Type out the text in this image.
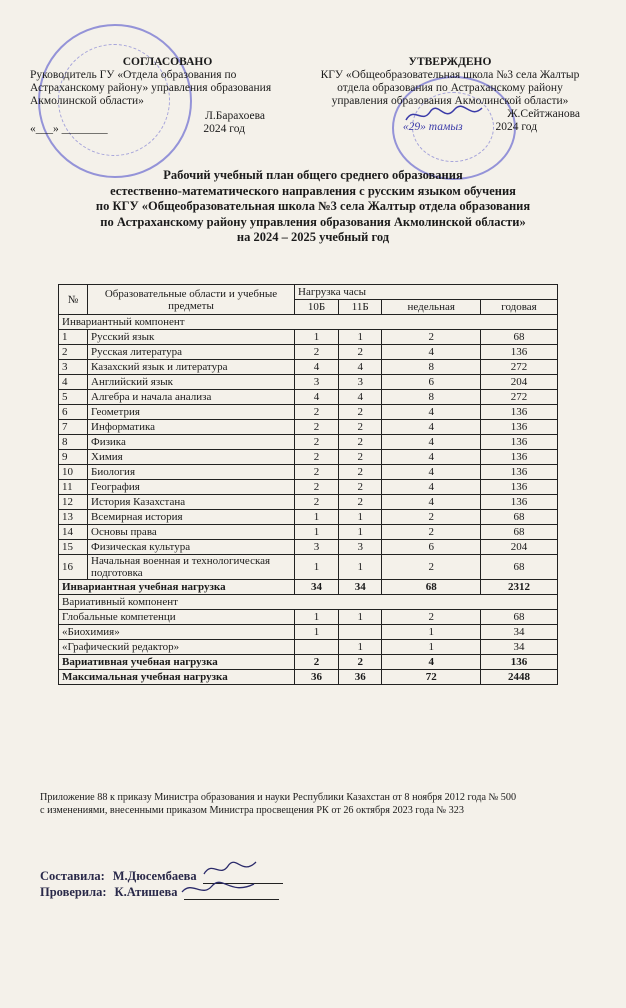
СОГЛАСОВАНО
Руководитель ГУ «Отдела образования по
Астраханскому району» управления образования
Акмолинской области»
Л.Барахоева
«___» ________	2024 год
УТВЕРЖДЕНО
КГУ «Общеобразовательная школа №3 села Жалтыр
отдела образования по Астраханскому району
управления образования Акмолинской области»
Ж.Сейтжанова
«29» тамыз	2024 год
Рабочий учебный план общего среднего образования
естественно-математического направления с русским языком обучения
по КГУ «Общеобразовательная школа №3 села Жалтыр отдела образования
по Астраханскому району управления образования Акмолинской области»
на 2024 – 2025 учебный год
№	Образовательные области и учебные предметы	Нагрузка часы			
		10Б	11Б	недельная	годовая
Инвариантный компонент					
1	Русский язык	1	1	2	68
2	Русская литература	2	2	4	136
3	Казахский язык и литература	4	4	8	272
4	Английский язык	3	3	6	204
5	Алгебра и начала анализа	4	4	8	272
6	Геометрия	2	2	4	136
7	Информатика	2	2	4	136
8	Физика	2	2	4	136
9	Химия	2	2	4	136
10	Биология	2	2	4	136
11	География	2	2	4	136
12	История Казахстана	2	2	4	136
13	Всемирная история	1	1	2	68
14	Основы права	1	1	2	68
15	Физическая культура	3	3	6	204
16	Начальная военная и технологическая подготовка	1	1	2	68
Инвариантная учебная нагрузка		34	34	68	2312
Вариативный компонент					
Глобальные компетенци		1	1	2	68
«Биохимия»		1		1	34
«Графический редактор»			1	1	34
Вариативная учебная нагрузка		2	2	4	136
Максимальная учебная нагрузка		36	36	72	2448
Приложение 88 к приказу Министра образования и науки Республики Казахстан от 8 ноября 2012 года № 500
с изменениями, внесенными приказом Министра просвещения РК от 26 октября 2023 года № 323
Составила: М.Дюсембаева
Проверила: К.Атишева
